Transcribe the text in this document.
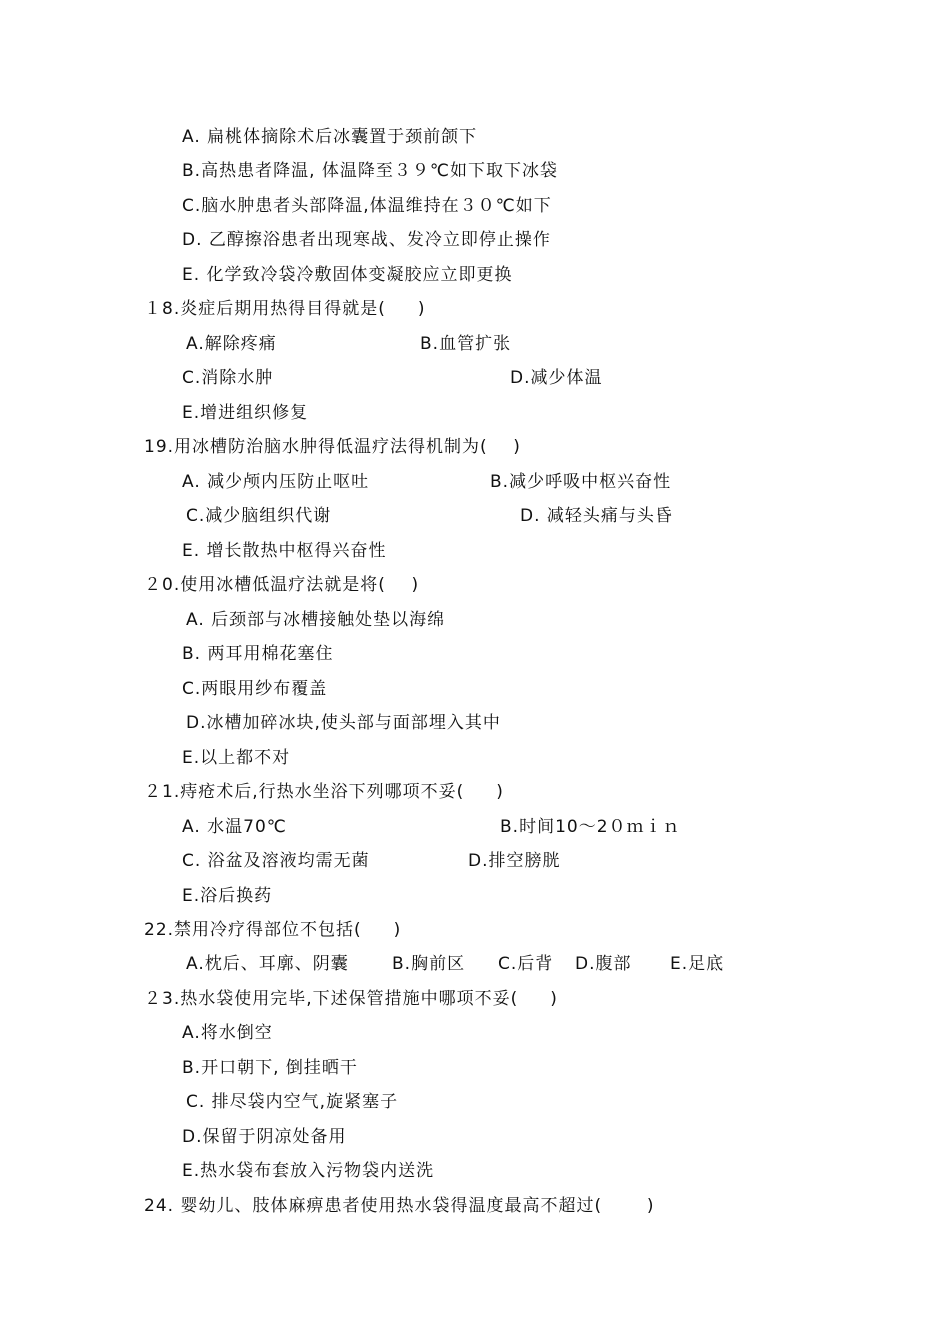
A. 扁桃体摘除术后冰囊置于颈前颌下
B.高热患者降温, 体温降至３９℃如下取下冰袋
C.脑水肿患者头部降温,体温维持在３０℃如下
D. 乙醇擦浴患者出现寒战、发冷立即停止操作
E. 化学致冷袋冷敷固体变凝胶应立即更换
１8.炎症后期用热得目得就是(     )
A.解除疼痛	B.血管扩张
C.消除水肿	D.减少体温
E.增进组织修复
19.用冰槽防治脑水肿得低温疗法得机制为(    )
A. 减少颅内压防止呕吐	B.减少呼吸中枢兴奋性
C.减少脑组织代谢	D. 减轻头痛与头昏
E. 增长散热中枢得兴奋性
２0.使用冰槽低温疗法就是将(    )
A. 后颈部与冰槽接触处垫以海绵
B. 两耳用棉花塞住
C.两眼用纱布覆盖
D.冰槽加碎冰块,使头部与面部埋入其中
E.以上都不对
２1.痔疮术后,行热水坐浴下列哪项不妥(     )
A. 水温70℃	B.时间10～2０ｍｉｎ
C. 浴盆及溶液均需无菌	D.排空膀胱
E.浴后换药
22.禁用冷疗得部位不包括(     )
A.枕后、耳廓、阴囊	B.胸前区 C.后背 D.腹部 E.足底
２3.热水袋使用完毕,下述保管措施中哪项不妥(     )
A.将水倒空
B.开口朝下, 倒挂晒干
C. 排尽袋内空气,旋紧塞子
D.保留于阴凉处备用
E.热水袋布套放入污物袋内送洗
24. 婴幼儿、肢体麻痹患者使用热水袋得温度最高不超过(       )
